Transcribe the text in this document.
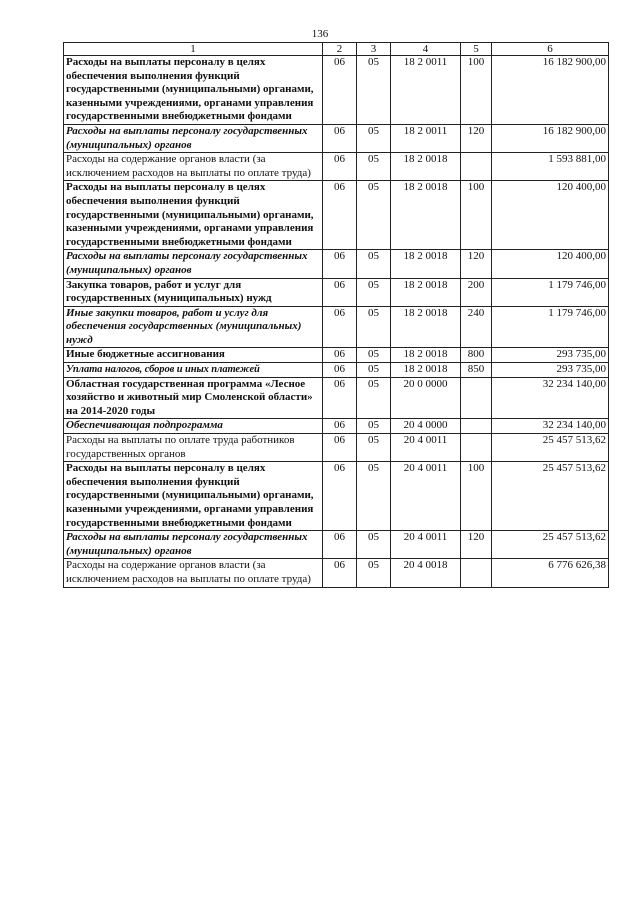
136
1	2	3	4	5	6
Расходы на выплаты персоналу в целях обеспечения выполнения функций государственными (муниципальными) органами, казенными учреждениями, органами управления государственными внебюджетными фондами	06	05	18 2 0011	100	16 182 900,00
Расходы на выплаты персоналу государственных (муниципальных) органов	06	05	18 2 0011	120	16 182 900,00
Расходы на содержание органов власти (за исключением расходов на выплаты по оплате труда)	06	05	18 2 0018		1 593 881,00
Расходы на выплаты персоналу в целях обеспечения выполнения функций государственными (муниципальными) органами, казенными учреждениями, органами управления государственными внебюджетными фондами	06	05	18 2 0018	100	120 400,00
Расходы на выплаты персоналу государственных (муниципальных) органов	06	05	18 2 0018	120	120 400,00
Закупка товаров, работ и услуг для государственных (муниципальных) нужд	06	05	18 2 0018	200	1 179 746,00
Иные закупки товаров, работ и услуг для обеспечения государственных (муниципальных) нужд	06	05	18 2 0018	240	1 179 746,00
Иные бюджетные ассигнования	06	05	18 2 0018	800	293 735,00
Уплата налогов, сборов и иных платежей	06	05	18 2 0018	850	293 735,00
Областная государственная программа «Лесное хозяйство и животный мир Смоленской области» на 2014-2020 годы	06	05	20 0 0000		32 234 140,00
Обеспечивающая подпрограмма	06	05	20 4 0000		32 234 140,00
Расходы на выплаты по оплате труда работников государственных органов	06	05	20 4 0011		25 457 513,62
Расходы на выплаты персоналу в целях обеспечения выполнения функций государственными (муниципальными) органами, казенными учреждениями, органами управления государственными внебюджетными фондами	06	05	20 4 0011	100	25 457 513,62
Расходы на выплаты персоналу государственных (муниципальных) органов	06	05	20 4 0011	120	25 457 513,62
Расходы на содержание органов власти (за исключением расходов на выплаты по оплате труда)	06	05	20 4 0018		6 776 626,38
